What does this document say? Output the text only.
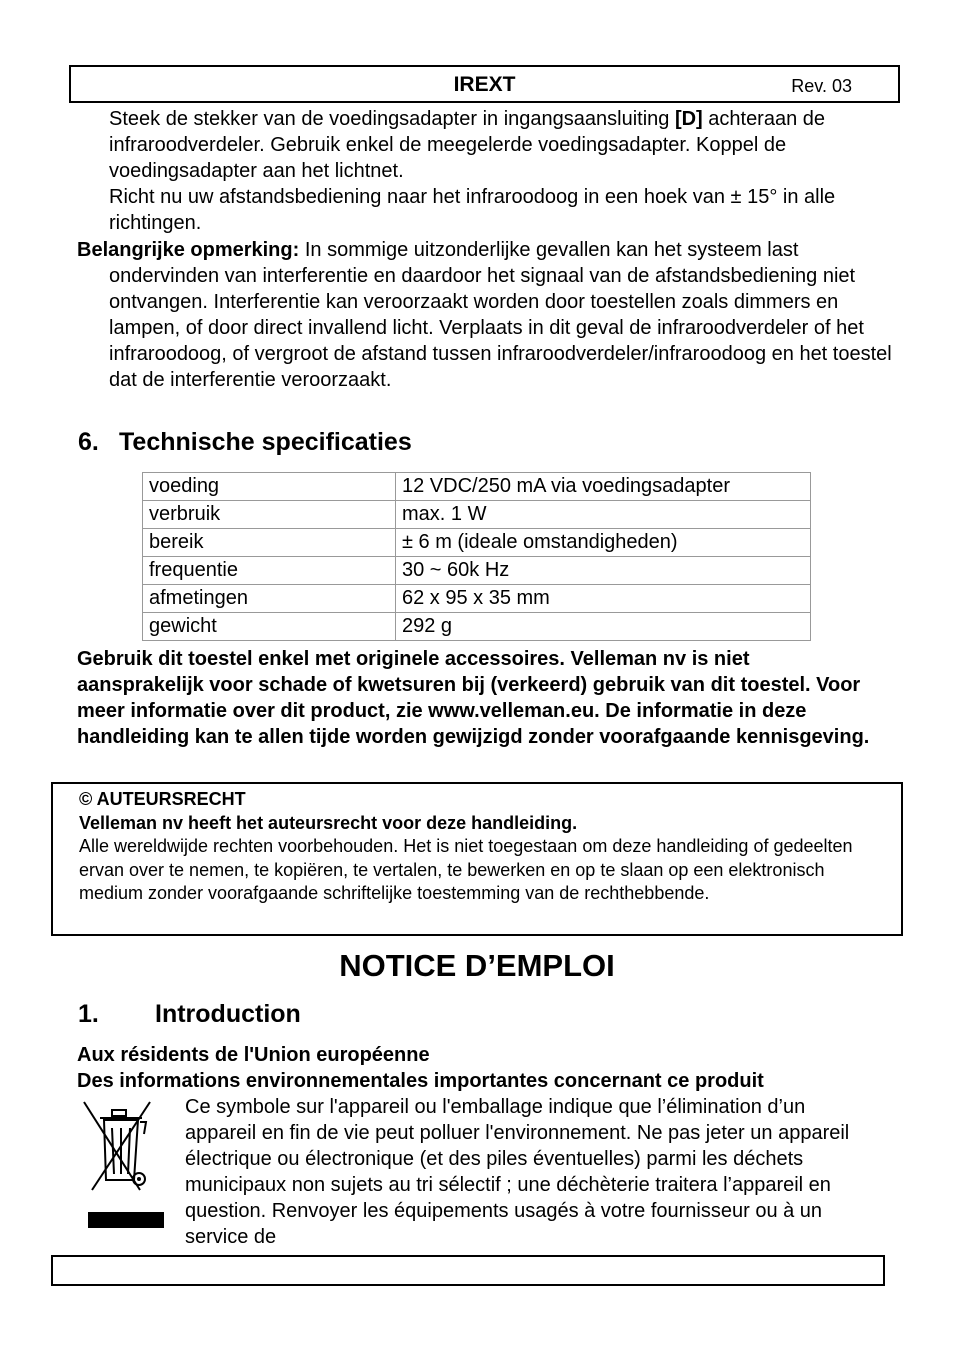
IREXT	Rev. 03

Steek de stekker van de voedingsadapter in ingangsaansluiting [D] achteraan de infraroodverdeler. Gebruik enkel de meegelerde voedingsadapter. Koppel de voedingsadapter aan het lichtnet.

Richt nu uw afstandsbediening naar het infraroodoog in een hoek van ± 15° in alle richtingen.

Belangrijke opmerking: In sommige uitzonderlijke gevallen kan het systeem last ondervinden van interferentie en daardoor het signaal van de afstandsbediening niet ontvangen. Interferentie kan veroorzaakt worden door toestellen zoals dimmers en lampen, of door direct invallend licht. Verplaats in dit geval de infraroodverdeler of het infraroodoog, of vergroot de afstand tussen infraroodverdeler/infraroodoog en het toestel dat de interferentie veroorzaakt.

6. Technische specificaties
voeding	12 VDC/250 mA via voedingsadapter
verbruik	max. 1 W
bereik	± 6 m (ideale omstandigheden)
frequentie	30 ~ 60k Hz
afmetingen	62 x 95 x 35 mm
gewicht	292 g

Gebruik dit toestel enkel met originele accessoires. Velleman nv is niet aansprakelijk voor schade of kwetsuren bij (verkeerd) gebruik van dit toestel. Voor meer informatie over dit product, zie www.velleman.eu. De informatie in deze handleiding kan te allen tijde worden gewijzigd zonder voorafgaande kennisgeving.

© AUTEURSRECHT
Velleman nv heeft het auteursrecht voor deze handleiding.
Alle wereldwijde rechten voorbehouden. Het is niet toegestaan om deze handleiding of gedeelten ervan over te nemen, te kopiëren, te vertalen, te bewerken en op te slaan op een elektronisch medium zonder voorafgaande schriftelijke toestemming van de rechthebbende.
NOTICE D’EMPLOI
1. Introduction

Aux résidents de l'Union européenne

Des informations environnementales importantes concernant ce produit

Ce symbole sur l'appareil ou l'emballage indique que l’élimination d’un appareil en fin de vie peut polluer l'environnement. Ne pas jeter un appareil électrique ou électronique (et des piles éventuelles) parmi les déchets municipaux non sujets au tri sélectif ; une déchèterie traitera l’appareil en question. Renvoyer les équipements usagés à votre fournisseur ou à un service de
